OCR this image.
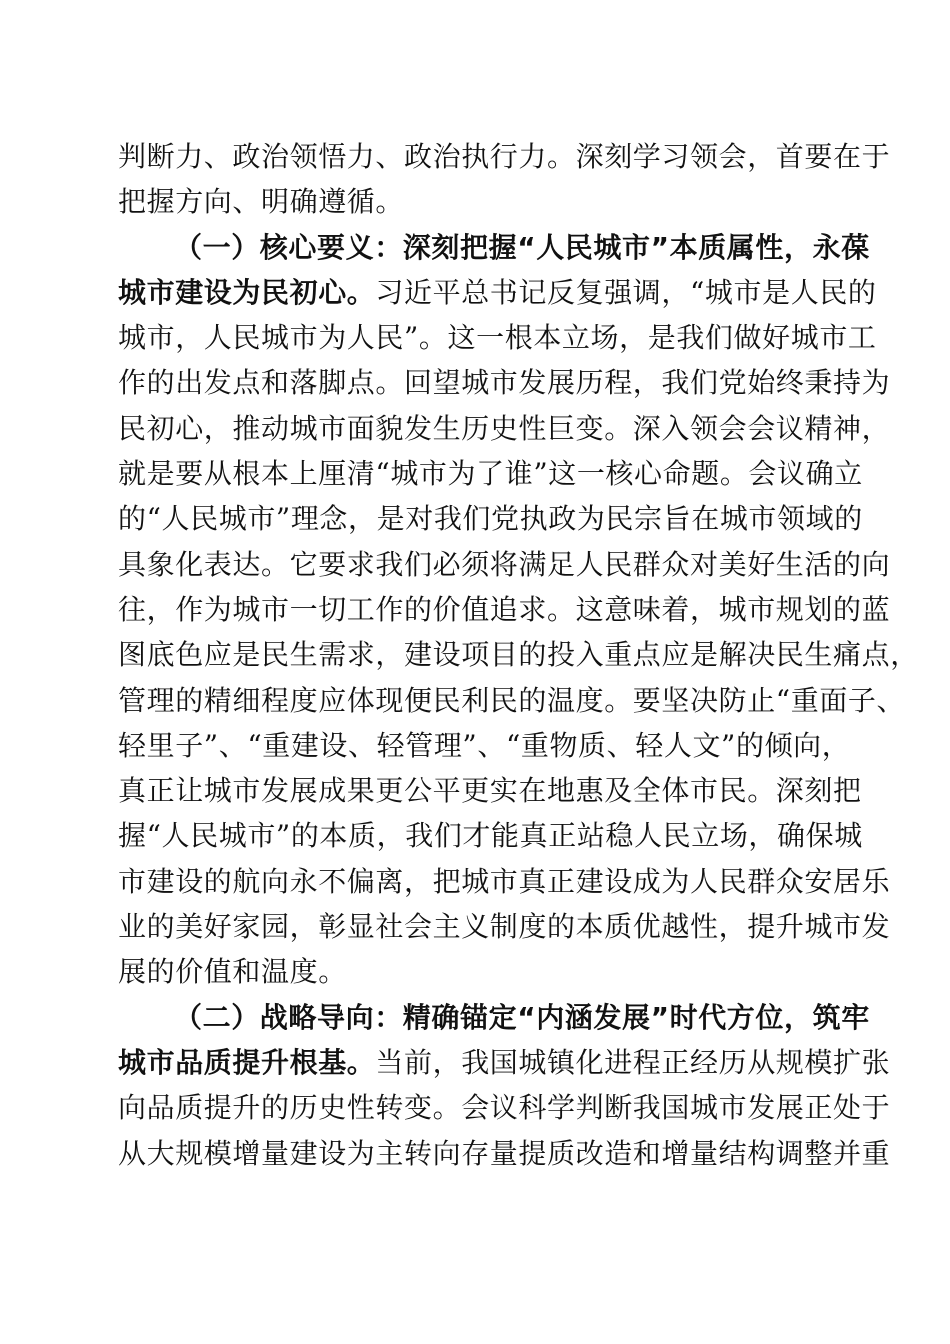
判断力、政治领悟力、政治执行力。深刻学习领会，首要在于
把握方向、明确遵循。
（一）核心要义：深刻把握“人民城市”本质属性，永葆
城市建设为民初心。习近平总书记反复强调，“城市是人民的
城市，人民城市为人民”。这一根本立场，是我们做好城市工
作的出发点和落脚点。回望城市发展历程，我们党始终秉持为
民初心，推动城市面貌发生历史性巨变。深入领会会议精神，
就是要从根本上厘清“城市为了谁”这一核心命题。会议确立
的“人民城市”理念，是对我们党执政为民宗旨在城市领域的
具象化表达。它要求我们必须将满足人民群众对美好生活的向
往，作为城市一切工作的价值追求。这意味着，城市规划的蓝
图底色应是民生需求，建设项目的投入重点应是解决民生痛点，
管理的精细程度应体现便民利民的温度。要坚决防止“重面子、
轻里子”、“重建设、轻管理”、“重物质、轻人文”的倾向，
真正让城市发展成果更公平更实在地惠及全体市民。深刻把
握“人民城市”的本质，我们才能真正站稳人民立场，确保城
市建设的航向永不偏离，把城市真正建设成为人民群众安居乐
业的美好家园，彰显社会主义制度的本质优越性，提升城市发
展的价值和温度。
（二）战略导向：精确锚定“内涵发展”时代方位，筑牢
城市品质提升根基。当前，我国城镇化进程正经历从规模扩张
向品质提升的历史性转变。会议科学判断我国城市发展正处于
从大规模增量建设为主转向存量提质改造和增量结构调整并重
